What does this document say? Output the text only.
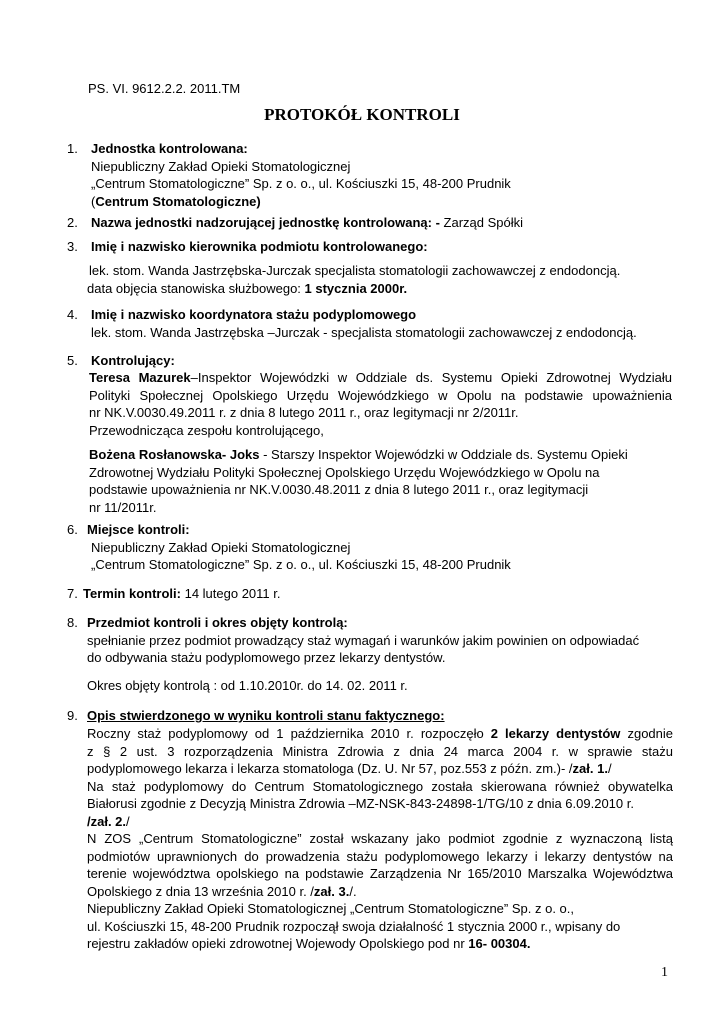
PS. VI. 9612.2.2. 2011.TM
PROTOKÓŁ KONTROLI
1. Jednostka kontrolowana:
Niepubliczny Zakład Opieki Stomatologicznej
„Centrum Stomatologiczne” Sp. z o. o., ul. Kościuszki 15, 48-200 Prudnik
(Centrum Stomatologiczne)
2. Nazwa jednostki nadzorującej jednostkę kontrolowaną: - Zarząd Spółki
3. Imię i nazwisko kierownika podmiotu kontrolowanego:
lek. stom. Wanda Jastrzębska-Jurczak specjalista stomatologii zachowawczej z endodoncją.
data objęcia stanowiska służbowego: 1 stycznia 2000r.
4. Imię i nazwisko koordynatora stażu podyplomowego
lek. stom. Wanda Jastrzębska –Jurczak - specjalista stomatologii zachowawczej z endodoncją.
5. Kontrolujący:
Teresa Mazurek–Inspektor Wojewódzki w Oddziale ds. Systemu Opieki Zdrowotnej Wydziału
Polityki Społecznej Opolskiego Urzędu Wojewódzkiego w Opolu na podstawie upoważnienia
nr NK.V.0030.49.2011 r. z dnia 8 lutego 2011 r., oraz legitymacji nr 2/2011r.
Przewodnicząca zespołu kontrolującego,
Bożena Rosłanowska- Joks - Starszy Inspektor Wojewódzki w Oddziale ds. Systemu Opieki
Zdrowotnej Wydziału Polityki Społecznej Opolskiego Urzędu Wojewódzkiego w Opolu na
podstawie upoważnienia nr NK.V.0030.48.2011 z dnia 8 lutego 2011 r., oraz legitymacji
nr 11/2011r.
6. Miejsce kontroli:
Niepubliczny Zakład Opieki Stomatologicznej
„Centrum Stomatologiczne” Sp. z o. o., ul. Kościuszki 15, 48-200 Prudnik
7. Termin kontroli: 14 lutego 2011 r.
8. Przedmiot kontroli i okres objęty kontrolą:
spełnianie przez podmiot prowadzący staż wymagań i warunków jakim powinien on odpowiadać
do odbywania stażu podyplomowego przez lekarzy dentystów.
Okres objęty kontrolą : od 1.10.2010r. do 14. 02. 2011 r.
9. Opis stwierdzonego w wyniku kontroli stanu faktycznego:
Roczny staż podyplomowy od 1 października 2010 r. rozpoczęło 2 lekarzy dentystów zgodnie
z § 2 ust. 3 rozporządzenia Ministra Zdrowia z dnia 24 marca 2004 r. w sprawie stażu
podyplomowego lekarza i lekarza stomatologa (Dz. U. Nr 57, poz.553 z późn. zm.)- /zał. 1./
Na staż podyplomowy do Centrum Stomatologicznego została skierowana również obywatelka
Białorusi zgodnie z Decyzją Ministra Zdrowia –MZ-NSK-843-24898-1/TG/10 z dnia 6.09.2010 r.
/zał. 2./
N ZOS „Centrum Stomatologiczne” został wskazany jako podmiot zgodnie z wyznaczoną listą
podmiotów uprawnionych do prowadzenia stażu podyplomowego lekarzy i lekarzy dentystów na
terenie województwa opolskiego na podstawie Zarządzenia Nr 165/2010 Marszalka Województwa
Opolskiego z dnia 13 września 2010 r. /zał. 3./.
Niepubliczny Zakład Opieki Stomatologicznej „Centrum Stomatologiczne” Sp. z o. o.,
ul. Kościuszki 15, 48-200 Prudnik rozpoczął swoja działalność 1 stycznia 2000 r., wpisany do
rejestru zakładów opieki zdrowotnej Wojewody Opolskiego pod nr 16- 00304.
1
